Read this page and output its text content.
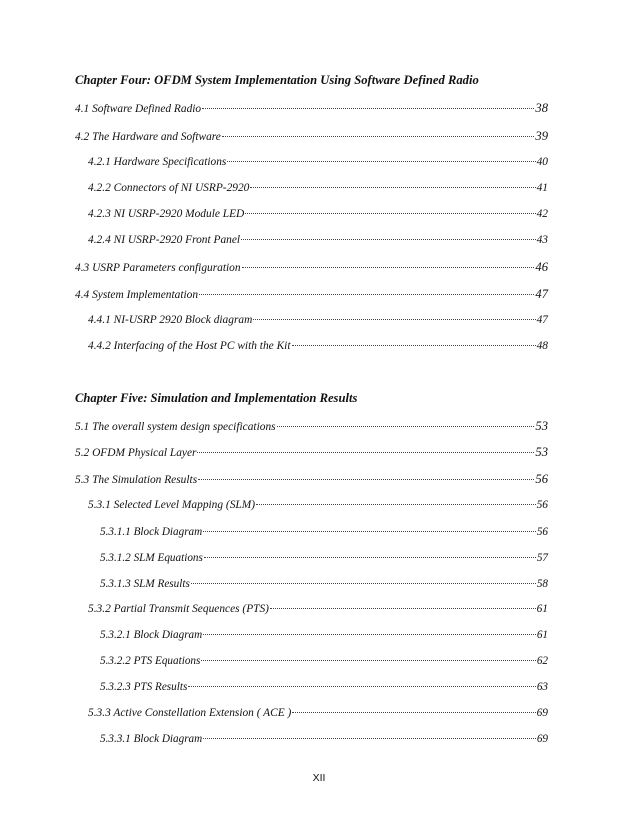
Chapter Four: OFDM System Implementation Using Software Defined Radio
4.1 Software Defined Radio	38
4.2 The Hardware and Software	39
4.2.1 Hardware Specifications	40
4.2.2 Connectors of NI USRP-2920	41
4.2.3 NI USRP-2920 Module LED	42
4.2.4 NI USRP-2920 Front Panel	43
4.3 USRP Parameters configuration	46
4.4 System Implementation	47
4.4.1 NI-USRP 2920 Block diagram	47
4.4.2 Interfacing of the Host PC with the Kit	48
Chapter Five: Simulation and Implementation Results
5.1 The overall system design specifications	53
5.2 OFDM Physical Layer	53
5.3 The Simulation Results	56
5.3.1 Selected Level Mapping (SLM)	56
5.3.1.1 Block Diagram	56
5.3.1.2 SLM Equations	57
5.3.1.3 SLM Results	58
5.3.2 Partial Transmit Sequences (PTS)	61
5.3.2.1 Block Diagram	61
5.3.2.2 PTS Equations	62
5.3.2.3 PTS Results	63
5.3.3 Active Constellation Extension ( ACE )	69
5.3.3.1 Block Diagram	69
XII
